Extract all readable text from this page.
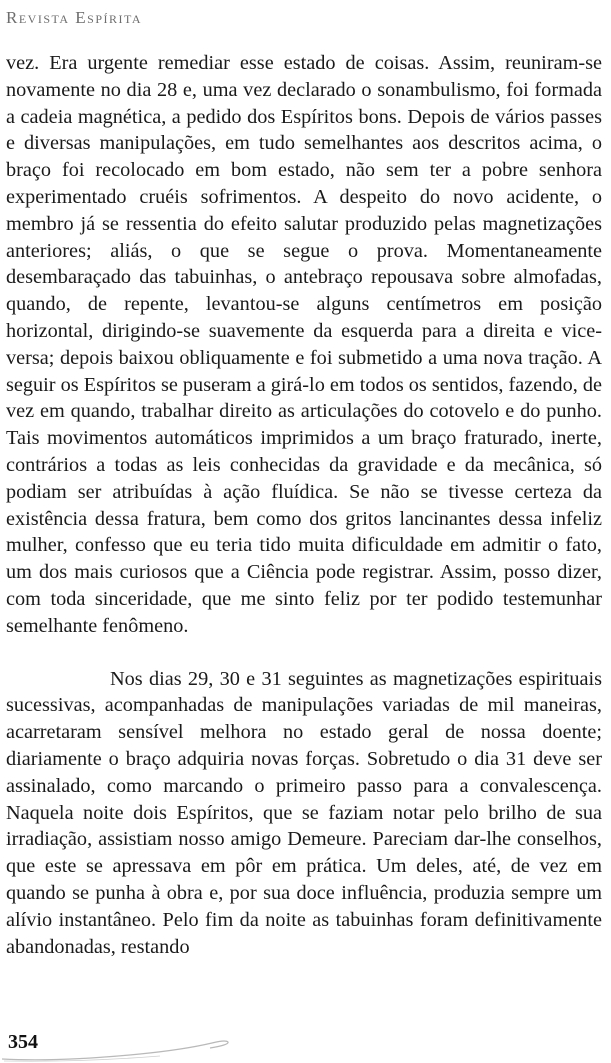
Revista Espírita

vez. Era urgente remediar esse estado de coisas. Assim, reuniram-se novamente no dia 28 e, uma vez declarado o sonambulismo, foi formada a cadeia magnética, a pedido dos Espíritos bons. Depois de vários passes e diversas manipulações, em tudo semelhantes aos descritos acima, o braço foi recolocado em bom estado, não sem ter a pobre senhora experimentado cruéis sofrimentos. A despeito do novo acidente, o membro já se ressentia do efeito salutar produzido pelas magnetizações anteriores; aliás, o que se segue o prova. Momentaneamente desembaraçado das tabuinhas, o antebraço repousava sobre almofadas, quando, de repente, levantou-se alguns centímetros em posição horizontal, dirigindo-se suavemente da esquerda para a direita e vice-versa; depois baixou obliquamente e foi submetido a uma nova tração. A seguir os Espíritos se puseram a girá-lo em todos os sentidos, fazendo, de vez em quando, trabalhar direito as articulações do cotovelo e do punho. Tais movimentos automáticos imprimidos a um braço fraturado, inerte, contrários a todas as leis conhecidas da gravidade e da mecânica, só podiam ser atribuídas à ação fluídica. Se não se tivesse certeza da existência dessa fratura, bem como dos gritos lancinantes dessa infeliz mulher, confesso que eu teria tido muita dificuldade em admitir o fato, um dos mais curiosos que a Ciência pode registrar. Assim, posso dizer, com toda sinceridade, que me sinto feliz por ter podido testemunhar semelhante fenômeno.

Nos dias 29, 30 e 31 seguintes as magnetizações espirituais sucessivas, acompanhadas de manipulações variadas de mil maneiras, acarretaram sensível melhora no estado geral de nossa doente; diariamente o braço adquiria novas forças. Sobretudo o dia 31 deve ser assinalado, como marcando o primeiro passo para a convalescença. Naquela noite dois Espíritos, que se faziam notar pelo brilho de sua irradiação, assistiam nosso amigo Demeure. Pareciam dar-lhe conselhos, que este se apressava em pôr em prática. Um deles, até, de vez em quando se punha à obra e, por sua doce influência, produzia sempre um alívio instantâneo. Pelo fim da noite as tabuinhas foram definitivamente abandonadas, restando

354
